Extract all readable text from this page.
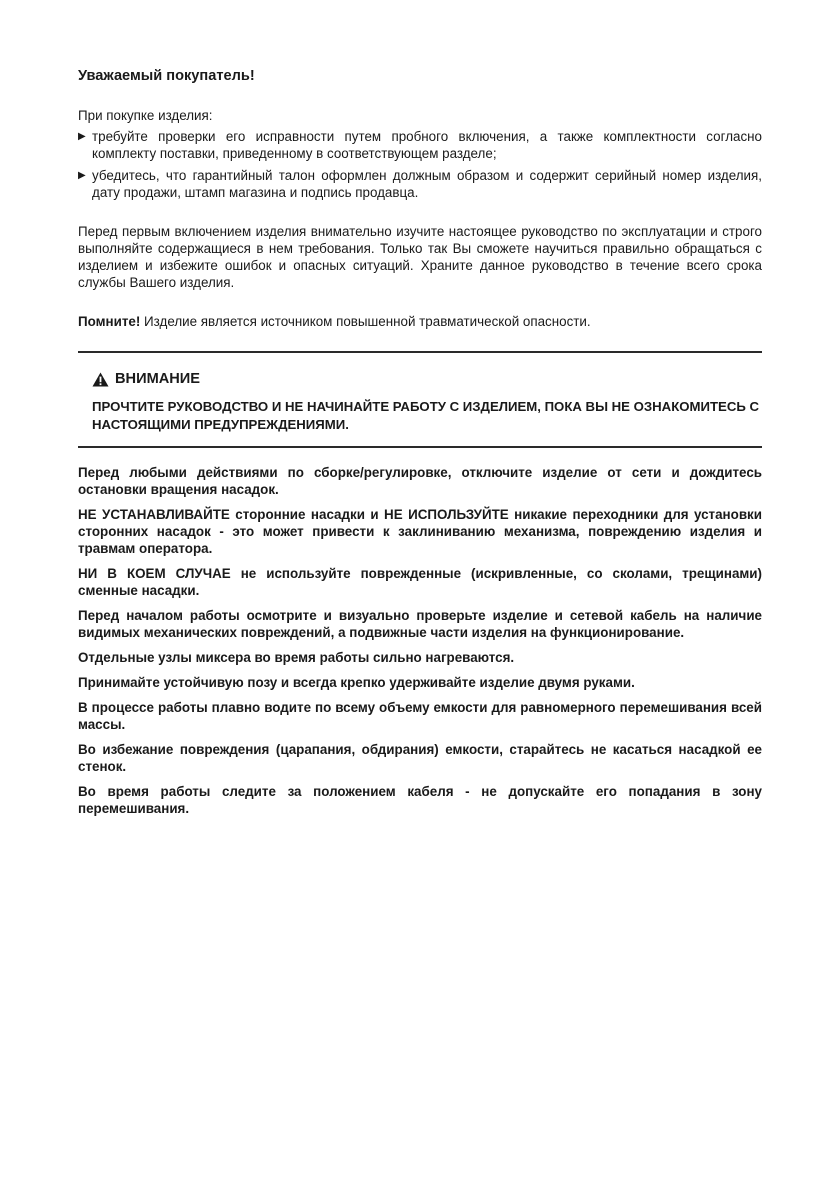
Уважаемый покупатель!

При покупке изделия:

▶ требуйте проверки его исправности путем пробного включения, а также комплектности согласно комплекту поставки, приведенному в соответствующем разделе;
▶ убедитесь, что гарантийный талон оформлен должным образом и содержит серийный номер изделия, дату продажи, штамп магазина и подпись продавца.

Перед первым включением изделия внимательно изучите настоящее руководство по эксплуатации и строго выполняйте содержащиеся в нем требования. Только так Вы сможете научиться правильно обращаться с изделием и избежите ошибок и опасных ситуаций. Храните данное руководство в течение всего срока службы Вашего изделия.

Помните! Изделие является источником повышенной травматической опасности.

ВНИМАНИЕ

ПРОЧТИТЕ РУКОВОДСТВО И НЕ НАЧИНАЙТЕ РАБОТУ С ИЗДЕЛИЕМ, ПОКА ВЫ НЕ ОЗНАКОМИТЕСЬ С НАСТОЯЩИМИ ПРЕДУПРЕЖДЕНИЯМИ.

Перед любыми действиями по сборке/регулировке, отключите изделие от сети и дождитесь остановки вращения насадок.

НЕ УСТАНАВЛИВАЙТЕ сторонние насадки и НЕ ИСПОЛЬЗУЙТЕ никакие переходники для установки сторонних насадок - это может привести к заклиниванию механизма, повреждению изделия и травмам оператора.

НИ В КОЕМ СЛУЧАЕ не используйте поврежденные (искривленные, со сколами, трещинами) сменные насадки.

Перед началом работы осмотрите и визуально проверьте изделие и сетевой кабель на наличие видимых механических повреждений, а подвижные части изделия на функционирование.

Отдельные узлы миксера во время работы сильно нагреваются.

Принимайте устойчивую позу и всегда крепко удерживайте изделие двумя руками.

В процессе работы плавно водите по всему объему емкости для равномерного перемешивания всей массы.

Во избежание повреждения (царапания, обдирания) емкости, старайтесь не касаться насадкой ее стенок.

Во время работы следите за положением кабеля - не допускайте его попадания в зону перемешивания.
